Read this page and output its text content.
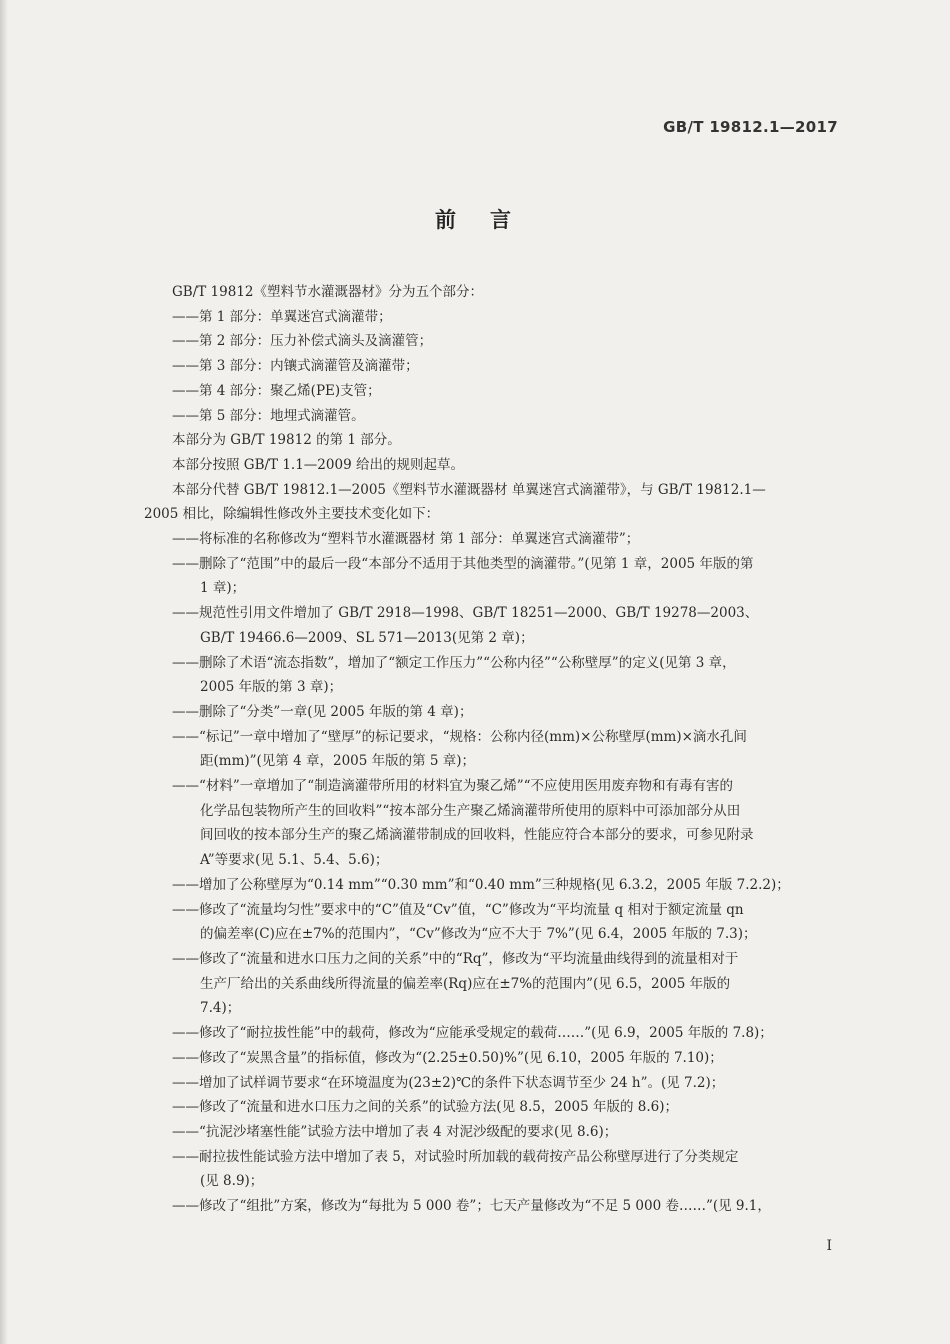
GB/T 19812.1—2017
前言

GB/T 19812《塑料节水灌溉器材》分为五个部分：

——第 1 部分：单翼迷宫式滴灌带；

——第 2 部分：压力补偿式滴头及滴灌管；

——第 3 部分：内镶式滴灌管及滴灌带；

——第 4 部分：聚乙烯(PE)支管；

——第 5 部分：地埋式滴灌管。

本部分为 GB/T 19812 的第 1 部分。

本部分按照 GB/T 1.1—2009 给出的规则起草。

本部分代替 GB/T 19812.1—2005《塑料节水灌溉器材 单翼迷宫式滴灌带》，与 GB/T 19812.1—

2005 相比，除编辑性修改外主要技术变化如下：

——将标准的名称修改为“塑料节水灌溉器材 第 1 部分：单翼迷宫式滴灌带”；

——删除了“范围”中的最后一段“本部分不适用于其他类型的滴灌带。”(见第 1 章，2005 年版的第

1 章)；

——规范性引用文件增加了 GB/T 2918—1998、GB/T 18251—2000、GB/T 19278—2003、

GB/T 19466.6—2009、SL 571—2013(见第 2 章)；

——删除了术语“流态指数”，增加了“额定工作压力”“公称内径”“公称壁厚”的定义(见第 3 章，

2005 年版的第 3 章)；

——删除了“分类”一章(见 2005 年版的第 4 章)；

——“标记”一章中增加了“壁厚”的标记要求，“规格：公称内径(mm)×公称壁厚(mm)×滴水孔间

距(mm)”(见第 4 章，2005 年版的第 5 章)；

——“材料”一章增加了“制造滴灌带所用的材料宜为聚乙烯”“不应使用医用废弃物和有毒有害的

化学品包装物所产生的回收料”“按本部分生产聚乙烯滴灌带所使用的原料中可添加部分从田

间回收的按本部分生产的聚乙烯滴灌带制成的回收料，性能应符合本部分的要求，可参见附录

A”等要求(见 5.1、5.4、5.6)；

——增加了公称壁厚为“0.14 mm”“0.30 mm”和“0.40 mm”三种规格(见 6.3.2，2005 年版 7.2.2)；

——修改了“流量均匀性”要求中的“C”值及“Cv”值，“C”修改为“平均流量 q 相对于额定流量 qn

的偏差率(C)应在±7%的范围内”，“Cv”修改为“应不大于 7%”(见 6.4，2005 年版的 7.3)；

——修改了“流量和进水口压力之间的关系”中的“Rq”，修改为“平均流量曲线得到的流量相对于

生产厂给出的关系曲线所得流量的偏差率(Rq)应在±7%的范围内”(见 6.5，2005 年版的

7.4)；

——修改了“耐拉拔性能”中的载荷，修改为“应能承受规定的载荷……”(见 6.9，2005 年版的 7.8)；

——修改了“炭黑含量”的指标值，修改为“(2.25±0.50)%”(见 6.10，2005 年版的 7.10)；

——增加了试样调节要求“在环境温度为(23±2)℃的条件下状态调节至少 24 h”。(见 7.2)；

——修改了“流量和进水口压力之间的关系”的试验方法(见 8.5，2005 年版的 8.6)；

——“抗泥沙堵塞性能”试验方法中增加了表 4 对泥沙级配的要求(见 8.6)；

——耐拉拔性能试验方法中增加了表 5，对试验时所加载的载荷按产品公称壁厚进行了分类规定

(见 8.9)；

——修改了“组批”方案，修改为“每批为 5 000 卷”；七天产量修改为“不足 5 000 卷……”(见 9.1，

I
